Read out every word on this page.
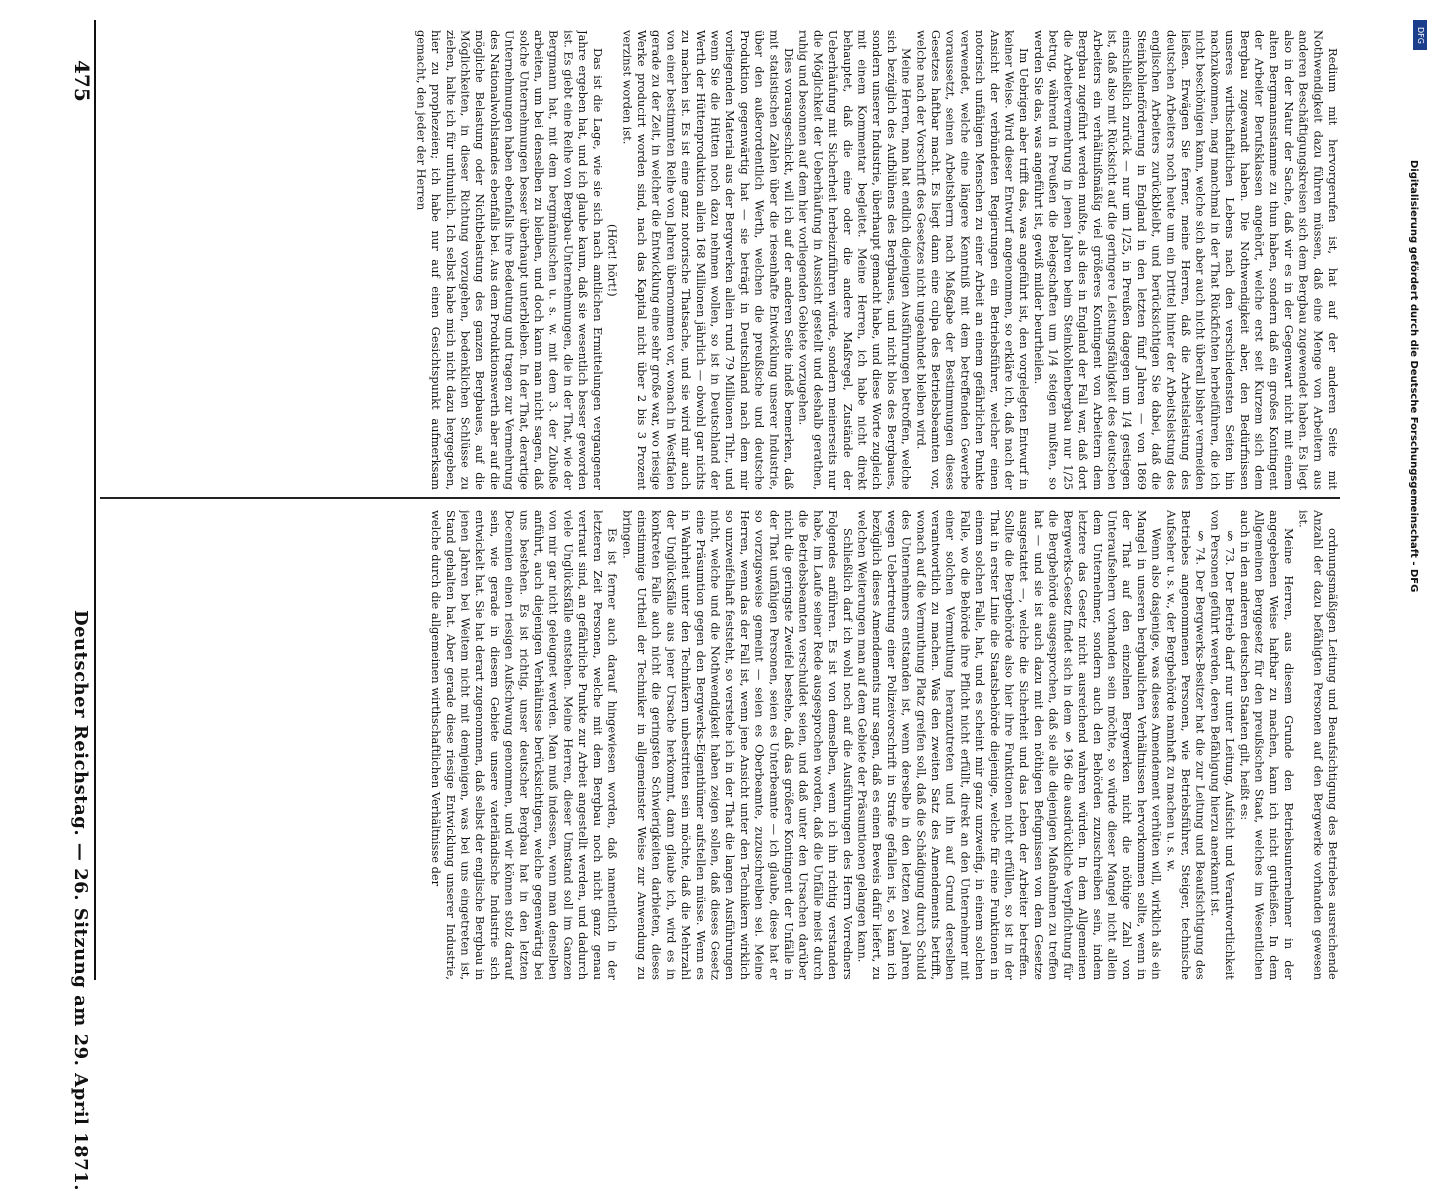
Deutscher Reichstag. — 26. Sitzung am 29. April 1871.
475	Redium mit hervorgerufen ist, hat auf der anderen Seite mit Nothwendigkeit dazu führen müssen, daß eine Menge von Arbeitern aus anderen Beschäftigungskreisen sich dem Bergbau zugewendet haben. Es liegt also in der Natur der Sache, daß wir es in der Gegenwart nicht mit einem alten Bergmannsstamme zu thun haben, sondern daß ein großes Kontingent der Arbeiter Berufsklassen angehört, welche erst seit Kurzem sich dem Bergbau zugewandt haben. Die Nothwendigkeit aber, den Bedürfnissen unseres wirthschaftlichen Lebens nach den verschiedensten Seiten hin nachzukommen, mag manchmal in der That Rückfichten herbeiführen, die ich nicht beschönigen kann, welche sich aber auch nicht überall bisher vermeiden ließen. Erwägen Sie ferner, meine Herren, daß die Arbeitsleistung des deutschen Arbeiters noch heute um ein Drittel hinter der Arbeitsleistung des englischen Arbeiters zurückbleibt, und berücksichtigen Sie dabei, daß die Steinkohlenförderung in England in den letzten fünf Jahren — von 1869 einschließlich zurück — nur um 1/25, in Preußen dagegen um 1/4 gestiegen ist, daß also mit Rücksicht auf die geringere Leistungsfähigkeit des deutschen Arbeiters ein verhältnißmäßig viel größeres Kontingent von Arbeitern dem Bergbau zugeführt werden mußte, als dies in England der Fall war, daß dort die Arbeitervermehrung in jenen Jahren beim Steinkohlenbergbau nur 1/25 betrug, während in Preußen die Belegschaften um 1/4 steigen mußten, so werden Sie das, was angeführt ist, gewiß milder beurtheilen.
Im Uebrigen aber trifft das, was angeführt ist, den vorgelegten Entwurf in keiner Weise. Wird dieser Entwurf angenommen, so erkläre ich, daß nach der Ansicht der verbündeten Regierungen ein Betriebsführer, welcher einen notorisch unfähigen Menschen zu einer Arbeit an einem gefährlichen Punkte verwendet, welche eine längere Kenntniß mit dem betreffenden Gewerbe voraussetzt, seinen Arbeitsherrn nach Maßgabe der Bestimmungen dieses Gesetzes haftbar macht. Es liegt dann eine culpa des Betriebsbeamten vor, welche nach der Vorschrift des Gesetzes nicht ungeahndet bleiben wird.
Meine Herren, man hat endlich diejenigen Ausführungen betroffen, welche sich bezüglich des Aufblühens des Bergbaues, und nicht blos des Bergbaues, sondern unserer Industrie, überhaupt gemacht habe, und diese Worte zugleich mit einem Kommentar begleitet. Meine Herren, ich habe nicht direkt behauptet, daß die eine oder die andere Maßregel, Zustände der Ueberhäufung mit Sicherheit herbeizuführen würde, sondern meinerseits nur die Möglichkeit der Ueberhäufung in Aussicht gestellt und deshalb gerathen, ruhig und besonnen auf dem hier vorliegenden Gebiete vorzugehen.
Dies vorausgeschickt, will ich auf der anderen Seite indeß bemerken, daß mit statistischen Zahlen über die riesenhafte Entwicklung unserer Industrie, über den außerordentlich Werth, welchen die preußische und deutsche Produktion gegenwärtig hat — sie beträgt in Deutschland nach dem mir vorliegenden Material aus der Bergwerken allein rund 79 Millionen Thlr., und wenn Sie die Hütten noch dazu nehmen wollen, so ist in Deutschland der Werth der Hüttenproduktion allein 168 Millionen jährlich — obwohl gar nichts zu machen ist. Es ist eine ganz notorische Thatsache, und sie wird mir auch von einer bestimmten Reihe von Jahren übernommen vor, wonach in Westfalen gerade zu der Zeit, in welcher die Entwicklung eine sehr große war, wo riesige Werke producirt worden sind, nach das Kapital nicht über 2 bis 3 Prozent verzinst worden ist.
(Hört! hört!)
Das ist die Lage, wie sie sich nach amtlichen Ermittelungen vergangener Jahre ergeben hat, und ich glaube kaum, daß sie wesentlich besser geworden ist. Es giebt eine Reihe von Bergbau-Unternehmungen, die in der That, wie der Bergmann hat, mit dem bergmännischen u. s. w. mit dem 3. der Zubuße arbeiten, um bei denselben zu bleiben, und doch kann man nicht sagen, daß solche Unternehmungen besser überhaupt unterbleiben. In der That, derartige Unternehmungen haben ebenfalls ihre Bedeutung und tragen zur Vermehrung des Nationalwohlstandes ebenfalls bei. Aus dem Produktionswerth aber auf die mögliche Belastung oder Nichtbelastung des ganzen Bergbaues, auf die Möglichkeiten, in dieser Richtung vorzugehen, bedenklichen Schlüsse zu ziehen, halte ich für unthunlich. Ich selbst habe mich nicht dazu hergegeben, hier zu prophezeien; ich habe nur auf einen Gesichtspunkt aufmerksam gemacht, den jeder der Herren
ordnungsmäßigen Leitung und Beaufsichtigung des Betriebes ausreichende Anzahl der dazu befähigten Personen auf den Bergwerke vorhanden gewesen ist.
Meine Herren, aus diesem Grunde den Betriebsunternehmer in der angegebenen Weise haftbar zu machen, kann ich nicht gutheißen. In dem Allgemeinen Berggesetz für den preußischen Staat, welches im Wesentlichen auch in den anderen deutschen Staaten gilt, heißt es:
§ 73. Der Betrieb darf nur unter Leitung, Aufsicht und Verantwortlichkeit von Personen geführt werden, deren Befähigung hierzu anerkannt ist.
§ 74. Der Bergwerks-Besitzer hat die zur Leitung und Beaufsichtigung des Betriebes angenommenen Personen, wie Betriebsführer, Steiger, technische Aufseher u. s. w., der Bergbehörde namhaft zu machen u. s. w.
Wenn also dasjenige, was dieses Amendement verhüten will, wirklich als ein Mangel in unseren bergbaulichen Verhältnissen hervorkommen sollte, wenn in der That auf den einzelnen Bergwerken nicht die nöthige Zahl von Unteraufsehern vorhanden sein möchte, so würde dieser Mangel nicht allein dem Unternehmer, sondern auch den Behörden zuzuschreiben sein, indem letztere das Gesetz nicht ausreichend wahren würden. In dem Allgemeinen Bergwerks-Gesetz findet sich in dem § 196 die ausdrückliche Verpflichtung für die Bergbehörde ausgesprochen, daß sie alle diejenigen Maßnahmen zu treffen hat — und sie ist auch dazu mit den nöthigen Befugnissen von dem Gesetze ausgestattet —, welche die Sicherheit und das Leben der Arbeiter betreffen. Sollte die Bergbehörde also hier ihre Funktionen nicht erfüllen, so ist in der That in erster Linie die Staatsbehörde diejenige, welche für eine Funktionen in einem solchen Falle, hat, und es scheint mir ganz unzweifig, in einem solchen Falle, wo die Behörde ihre Pflicht nicht erfüllt, direkt an den Unternehmer mit einer solchen Vermuthung heranzutreten und ihn auf Grund derselben verantwortlich zu machen. Was den zweiten Satz des Amendements betrifft, wonach auf die Vermuthung Platz greifen soll, daß die Schädigung durch Schuld des Unternehmers entstanden ist, wenn derselbe in den letzten zwei Jahren wegen Uebertretung einer Polizeivorschrift in Strafe gefallen ist, so kann ich bezüglich dieses Amendements nur sagen, daß es einen Beweis dafür liefert, zu welchen Weiterungen man auf dem Gebiete der Präsumtionen gelangen kann.
Schließlich darf ich wohl noch auf die Ausführungen des Herrn Vorredners Folgendes anführen. Es ist von demselben, wenn ich ihn richtig verstanden habe, im Laufe seiner Rede ausgesprochen worden, daß die Unfälle meist durch die Betriebsbeamten verschuldet seien, und daß unter den Ursachen darüber nicht die geringste Zweifel bestehe, daß das größere Kontingent der Unfälle in der That unfähigen Personen, seien es Unterbeamte — ich glaube, diese hat er so vorzugsweise gemeint — seien es Oberbeamte, zuzuschreiben sei. Meine Herren, wenn das der Fall ist, wenn jene Ansicht unter den Technikern wirklich so unzweifelhaft feststeht, so verstehe ich in der That die langen Ausführungen nicht, welche und die Nothwendigkeit haben zeigen sollen, daß dieses Gesetz eine Präsumtion gegen den Bergwerks-Eigenthümer aufstellen müsse. Wenn es in Wahrheit unter den Technikern unbestritten sein möchte, daß die Mehrzahl der Unglücksfälle aus jener Ursache herkommt, dann glaube ich, wird es in konkreten Falle auch nicht die geringsten Schwierigkeiten darbieten, dieses einstimmige Urtheil der Techniker in allgemeinster Weise zur Anwendung zu bringen.
Es ist ferner auch darauf hingewiesen worden, daß namentlich in der letzteren Zeit Personen, welche mit dem Bergbau noch nicht ganz genau vertraut sind, an gefährliche Punkte zur Arbeit angestellt werden, und dadurch viele Unglücksfälle entstehen. Meine Herren, dieser Umstand soll im Ganzen von mir gar nicht geleugnet werden. Man muß indessen, wenn man denselben anführt, auch diejenigen Verhältnisse berücksichtigen, welche gegenwärtig bei uns bestehen. Es ist richtig, unser deutscher Bergbau hat in den letzten Decennien einen riesigen Aufschwung genommen, und wir können stolz darauf sein, wie gerade in diesem Gebiete unsere vaterländische Industrie sich entwickelt hat. Sie hat derart zugenommen, daß selbst der englische Bergbau in jenen Jahren bei Weitem nicht mit demjenigen, was bei uns eingetreten ist, Stand gehalten hat. Aber gerade diese riesige Entwicklung unserer Industrie, welche durch die allgemeinen wirthschaftlichen Verhältnisse der
DFG
Digitalisierung gefördert durch die Deutsche Forschungsgemeinschaft - DFG
